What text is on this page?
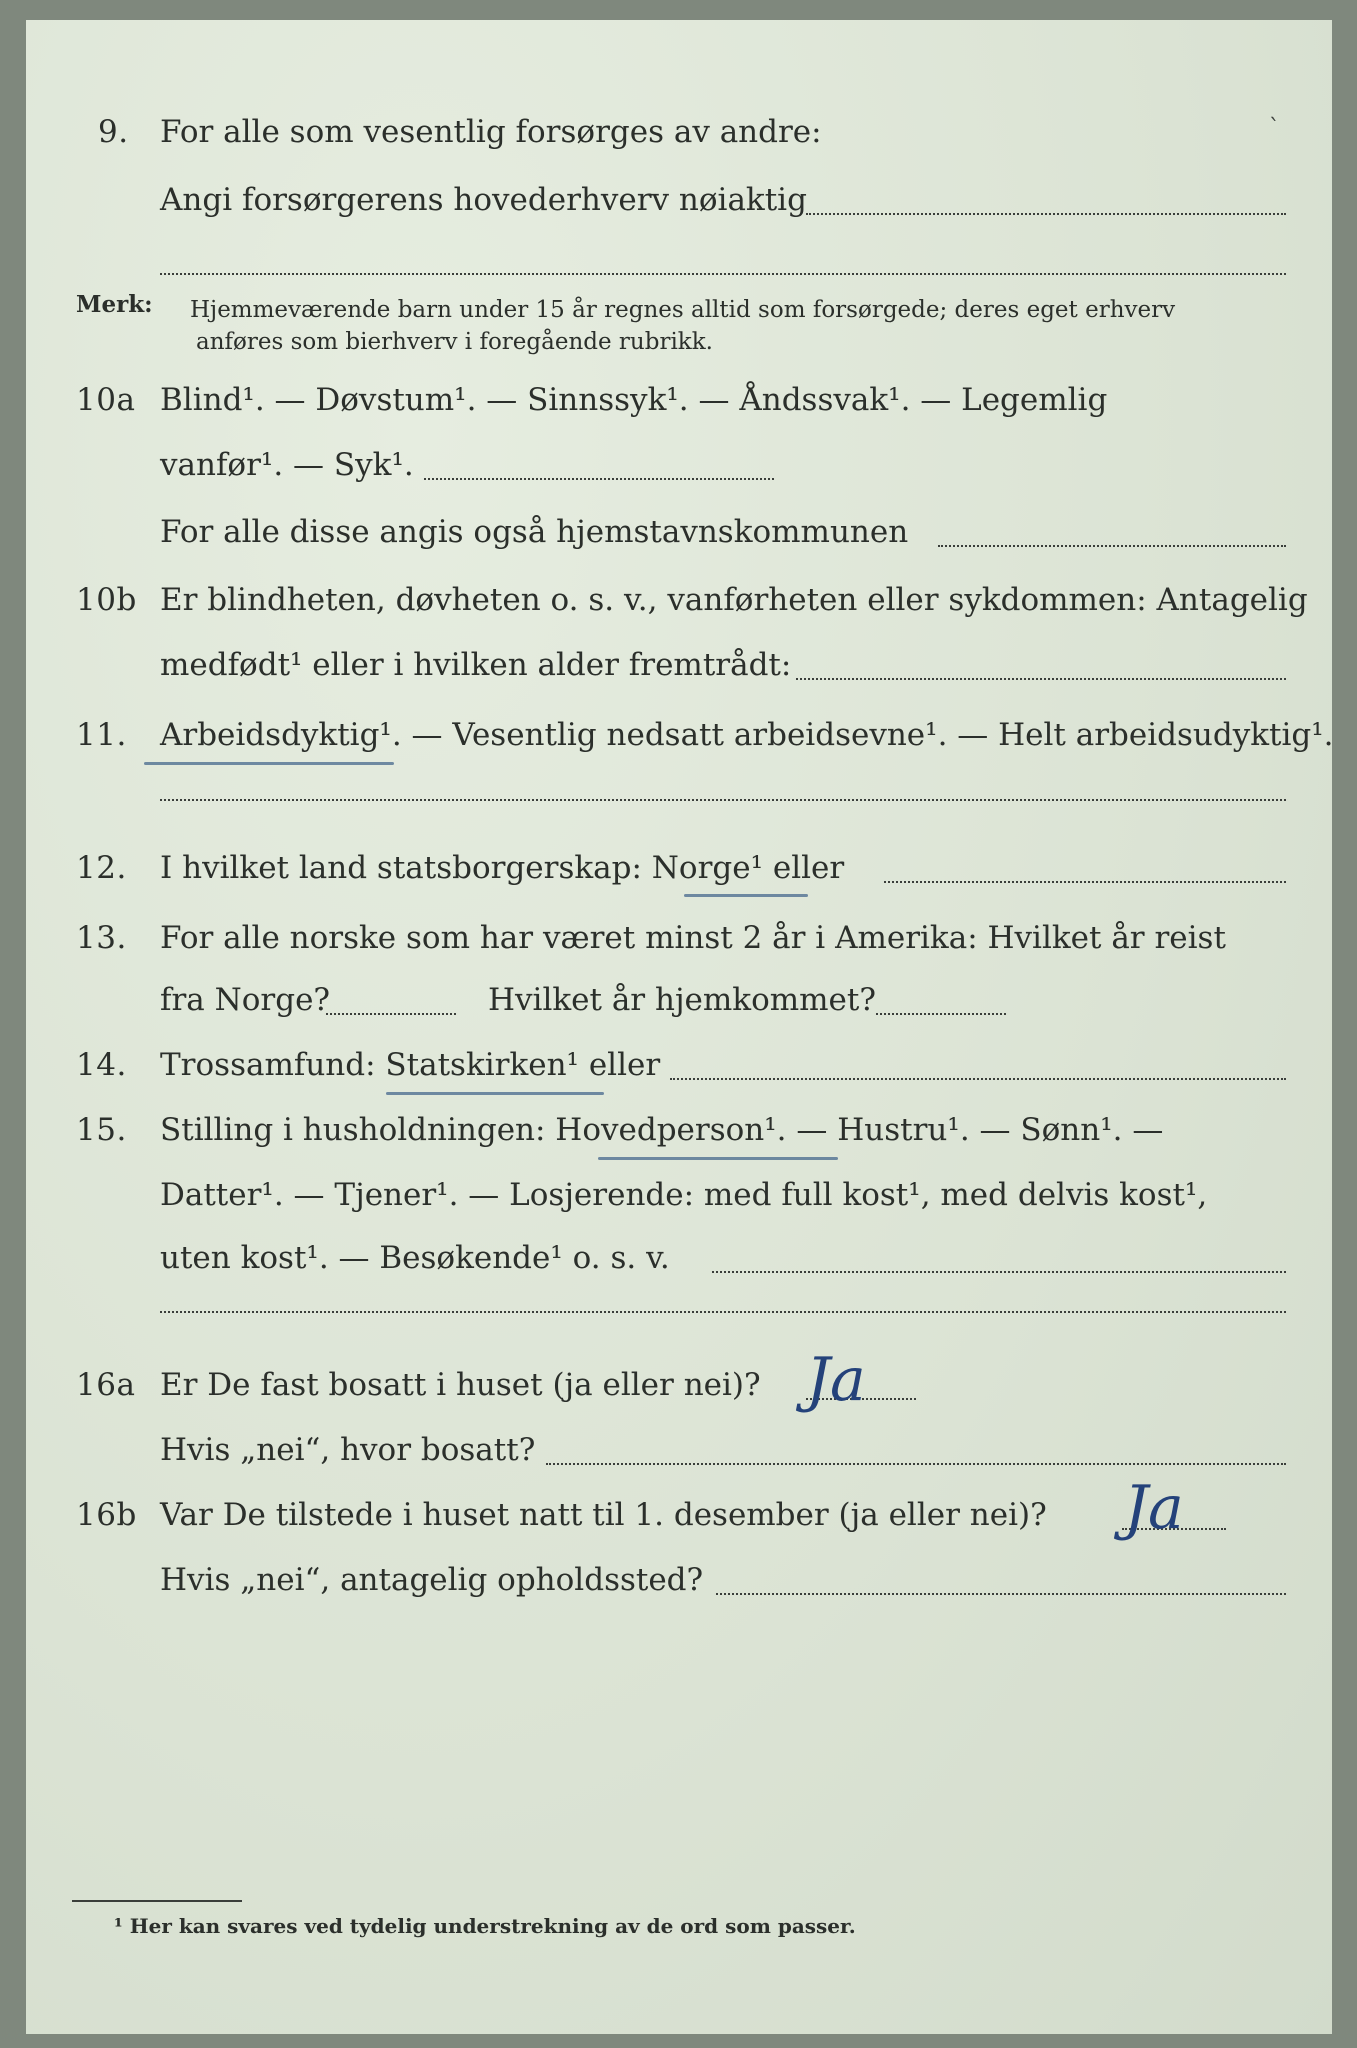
9. For alle som vesentlig forsørges av andre:
Angi forsørgerens hovederhverv nøiaktig
Merk: Hjemmeværende barn under 15 år regnes alltid som forsørgede; deres eget erhverv
anføres som bierhverv i foregående rubrikk.
10a Blind¹. — Døvstum¹. — Sinnssyk¹. — Åndssvak¹. — Legemlig
vanfør¹. — Syk¹.
For alle disse angis også hjemstavnskommunen
10b Er blindheten, døvheten o. s. v., vanførheten eller sykdommen: Antagelig
medfødt¹ eller i hvilken alder fremtrådt:
11. Arbeidsdyktig¹. — Vesentlig nedsatt arbeidsevne¹. — Helt arbeidsudyktig¹.
12. I hvilket land statsborgerskap: Norge¹ eller
13. For alle norske som har været minst 2 år i Amerika: Hvilket år reist
fra Norge?	Hvilket år hjemkommet?
14. Trossamfund: Statskirken¹ eller
15. Stilling i husholdningen: Hovedperson¹. — Hustru¹. — Sønn¹. —
Datter¹. — Tjener¹. — Losjerende: med full kost¹, med delvis kost¹,
uten kost¹. — Besøkende¹ o. s. v.
16a Er De fast bosatt i huset (ja eller nei)? Ja
Hvis „nei“, hvor bosatt?
16b Var De tilstede i huset natt til 1. desember (ja eller nei)? Ja
Hvis „nei“, antagelig opholdssted?
¹ Her kan svares ved tydelig understrekning av de ord som passer.
ˋ
